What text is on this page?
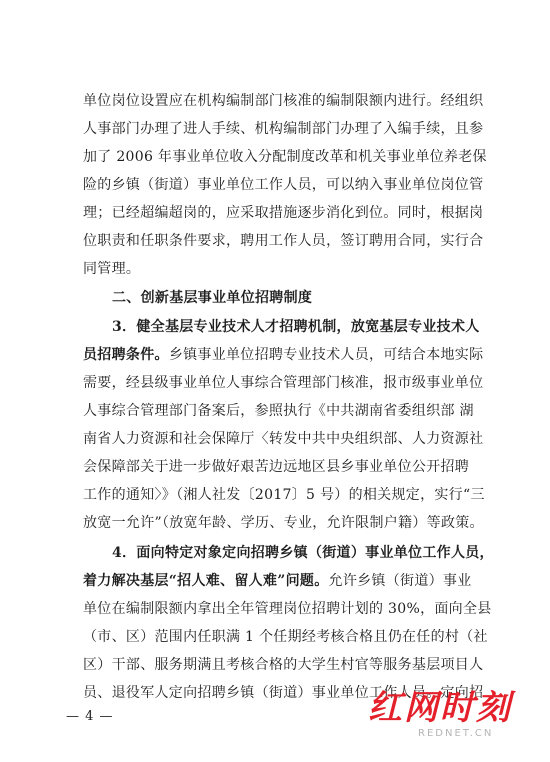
单位岗位设置应在机构编制部门核准的编制限额内进行。经组织
人事部门办理了进人手续、机构编制部门办理了入编手续，且参
加了 2006 年事业单位收入分配制度改革和机关事业单位养老保
险的乡镇（街道）事业单位工作人员，可以纳入事业单位岗位管
理；已经超编超岗的，应采取措施逐步消化到位。同时，根据岗
位职责和任职条件要求，聘用工作人员，签订聘用合同，实行合
同管理。
二、创新基层事业单位招聘制度
3．健全基层专业技术人才招聘机制，放宽基层专业技术人
员招聘条件。乡镇事业单位招聘专业技术人员，可结合本地实际
需要，经县级事业单位人事综合管理部门核准，报市级事业单位
人事综合管理部门备案后，参照执行《中共湖南省委组织部 湖
南省人力资源和社会保障厅〈转发中共中央组织部、人力资源社
会保障部关于进一步做好艰苦边远地区县乡事业单位公开招聘
工作的通知〉》（湘人社发〔2017〕5 号）的相关规定，实行“三
放宽一允许”（放宽年龄、学历、专业，允许限制户籍）等政策。
4．面向特定对象定向招聘乡镇（街道）事业单位工作人员，
着力解决基层“招人难、留人难”问题。允许乡镇（街道）事业
单位在编制限额内拿出全年管理岗位招聘计划的 30%，面向全县
（市、区）范围内任职满 1 个任期经考核合格且仍在任的村（社
区）干部、服务期满且考核合格的大学生村官等服务基层项目人
员、退役军人定向招聘乡镇（街道）事业单位工作人员。定向招
— 4 —	红网时刻
REDNET.CN
